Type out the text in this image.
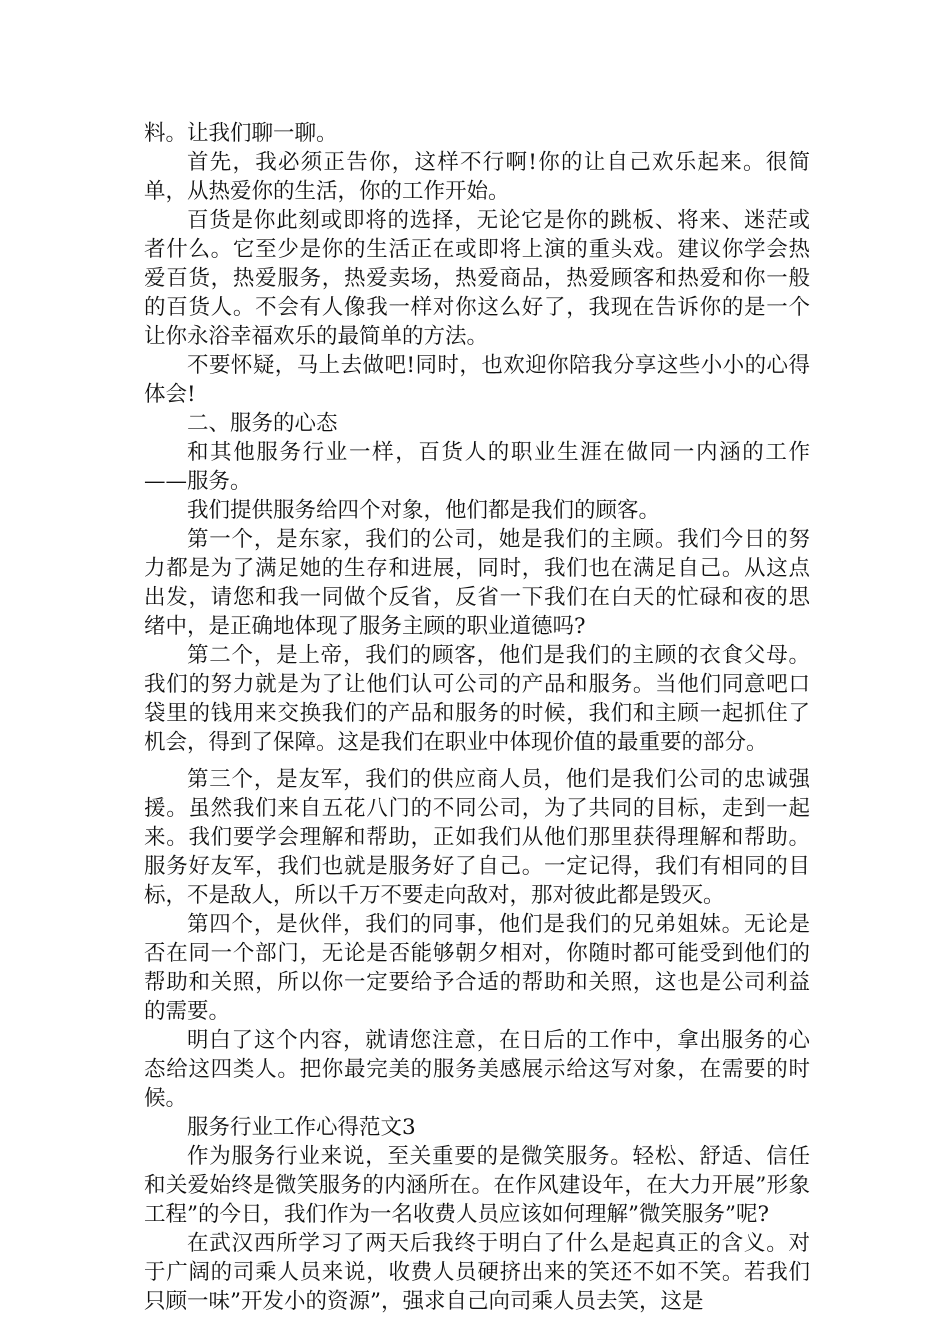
料。让我们聊一聊。

首先，我必须正告你，这样不行啊!你的让自己欢乐起来。很简单，从热爱你的生活，你的工作开始。

百货是你此刻或即将的选择，无论它是你的跳板、将来、迷茫或者什么。它至少是你的生活正在或即将上演的重头戏。建议你学会热爱百货，热爱服务，热爱卖场，热爱商品，热爱顾客和热爱和你一般的百货人。不会有人像我一样对你这么好了，我现在告诉你的是一个让你永浴幸福欢乐的最简单的方法。

不要怀疑，马上去做吧!同时，也欢迎你陪我分享这些小小的心得体会!

二、服务的心态

和其他服务行业一样，百货人的职业生涯在做同一内涵的工作——服务。

我们提供服务给四个对象，他们都是我们的顾客。

第一个，是东家，我们的公司，她是我们的主顾。我们今日的努力都是为了满足她的生存和进展，同时，我们也在满足自己。从这点出发，请您和我一同做个反省，反省一下我们在白天的忙碌和夜的思绪中，是正确地体现了服务主顾的职业道德吗?

第二个，是上帝，我们的顾客，他们是我们的主顾的衣食父母。我们的努力就是为了让他们认可公司的产品和服务。当他们同意吧口袋里的钱用来交换我们的产品和服务的时候，我们和主顾一起抓住了机会，得到了保障。这是我们在职业中体现价值的最重要的部分。

第三个，是友军，我们的供应商人员，他们是我们公司的忠诚强援。虽然我们来自五花八门的不同公司，为了共同的目标，走到一起来。我们要学会理解和帮助，正如我们从他们那里获得理解和帮助。服务好友军，我们也就是服务好了自己。一定记得，我们有相同的目标，不是敌人，所以千万不要走向敌对，那对彼此都是毁灭。

第四个，是伙伴，我们的同事，他们是我们的兄弟姐妹。无论是否在同一个部门，无论是否能够朝夕相对，你随时都可能受到他们的帮助和关照，所以你一定要给予合适的帮助和关照，这也是公司利益的需要。

明白了这个内容，就请您注意，在日后的工作中，拿出服务的心态给这四类人。把你最完美的服务美感展示给这写对象，在需要的时候。

服务行业工作心得范文3

作为服务行业来说，至关重要的是微笑服务。轻松、舒适、信任和关爱始终是微笑服务的内涵所在。在作风建设年，在大力开展”形象工程”的今日，我们作为一名收费人员应该如何理解”微笑服务”呢?

在武汉西所学习了两天后我终于明白了什么是起真正的含义。对于广阔的司乘人员来说，收费人员硬挤出来的笑还不如不笑。若我们只顾一味”开发小的资源”，强求自己向司乘人员去笑，这是
